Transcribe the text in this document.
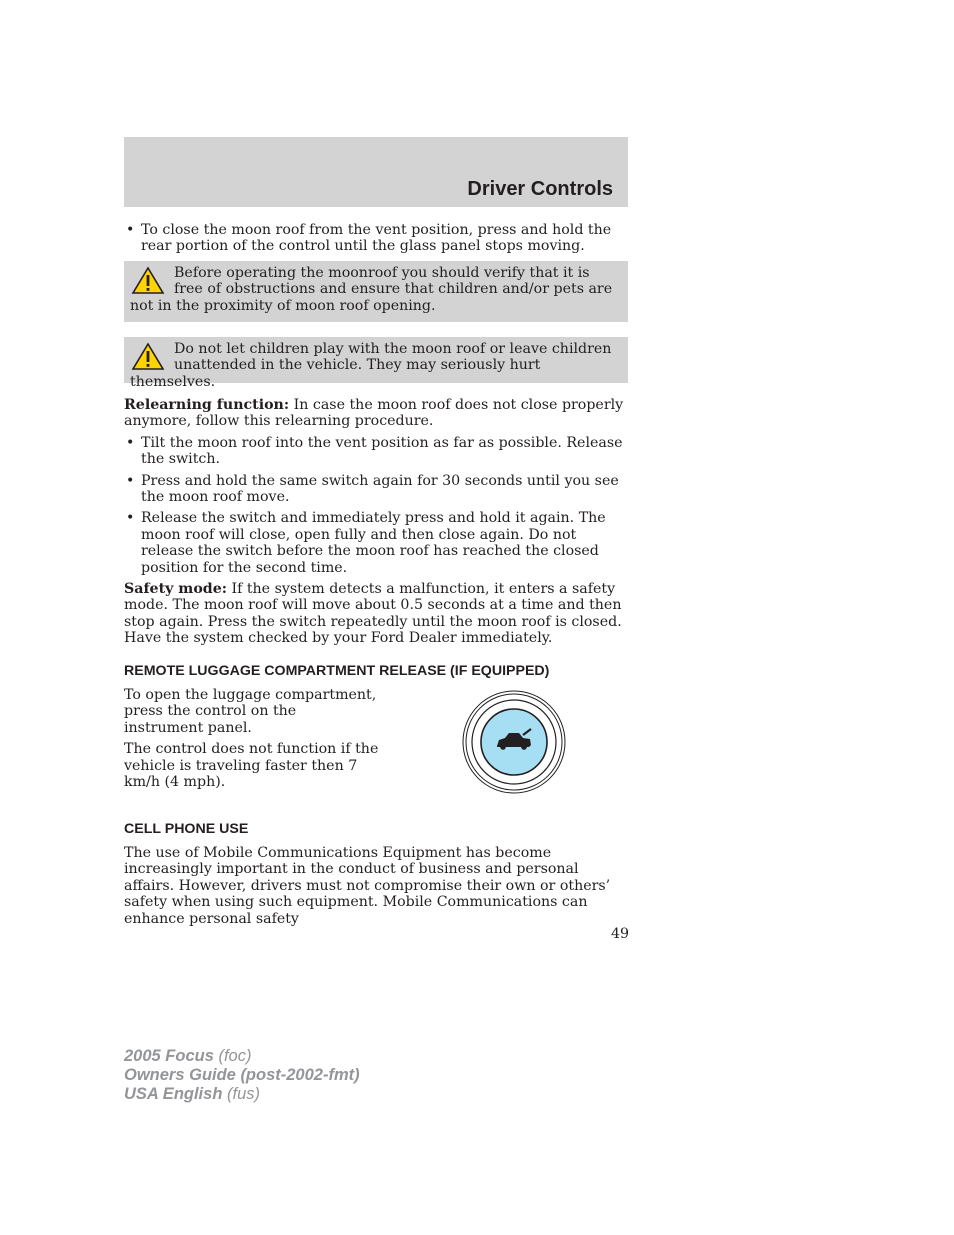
Driver Controls
• To close the moon roof from the vent position, press and hold the rear portion of the control until the glass panel stops moving.
Before operating the moonroof you should verify that it is free of obstructions and ensure that children and/or pets are not in the proximity of moon roof opening.
Do not let children play with the moon roof or leave children unattended in the vehicle. They may seriously hurt themselves.

Relearning function: In case the moon roof does not close properly anymore, follow this relearning procedure.

• Tilt the moon roof into the vent position as far as possible. Release the switch.
• Press and hold the same switch again for 30 seconds until you see the moon roof move.
• Release the switch and immediately press and hold it again. The moon roof will close, open fully and then close again. Do not release the switch before the moon roof has reached the closed position for the second time.

Safety mode: If the system detects a malfunction, it enters a safety mode. The moon roof will move about 0.5 seconds at a time and then stop again. Press the switch repeatedly until the moon roof is closed. Have the system checked by your Ford Dealer immediately.

REMOTE LUGGAGE COMPARTMENT RELEASE (IF EQUIPPED)

To open the luggage compartment, press the control on the instrument panel.

The control does not function if the vehicle is traveling faster then 7 km/h (4 mph).

CELL PHONE USE

The use of Mobile Communications Equipment has become increasingly important in the conduct of business and personal affairs. However, drivers must not compromise their own or others’ safety when using such equipment. Mobile Communications can enhance personal safety

49
2005 Focus (foc)
Owners Guide (post-2002-fmt)
USA English (fus)
